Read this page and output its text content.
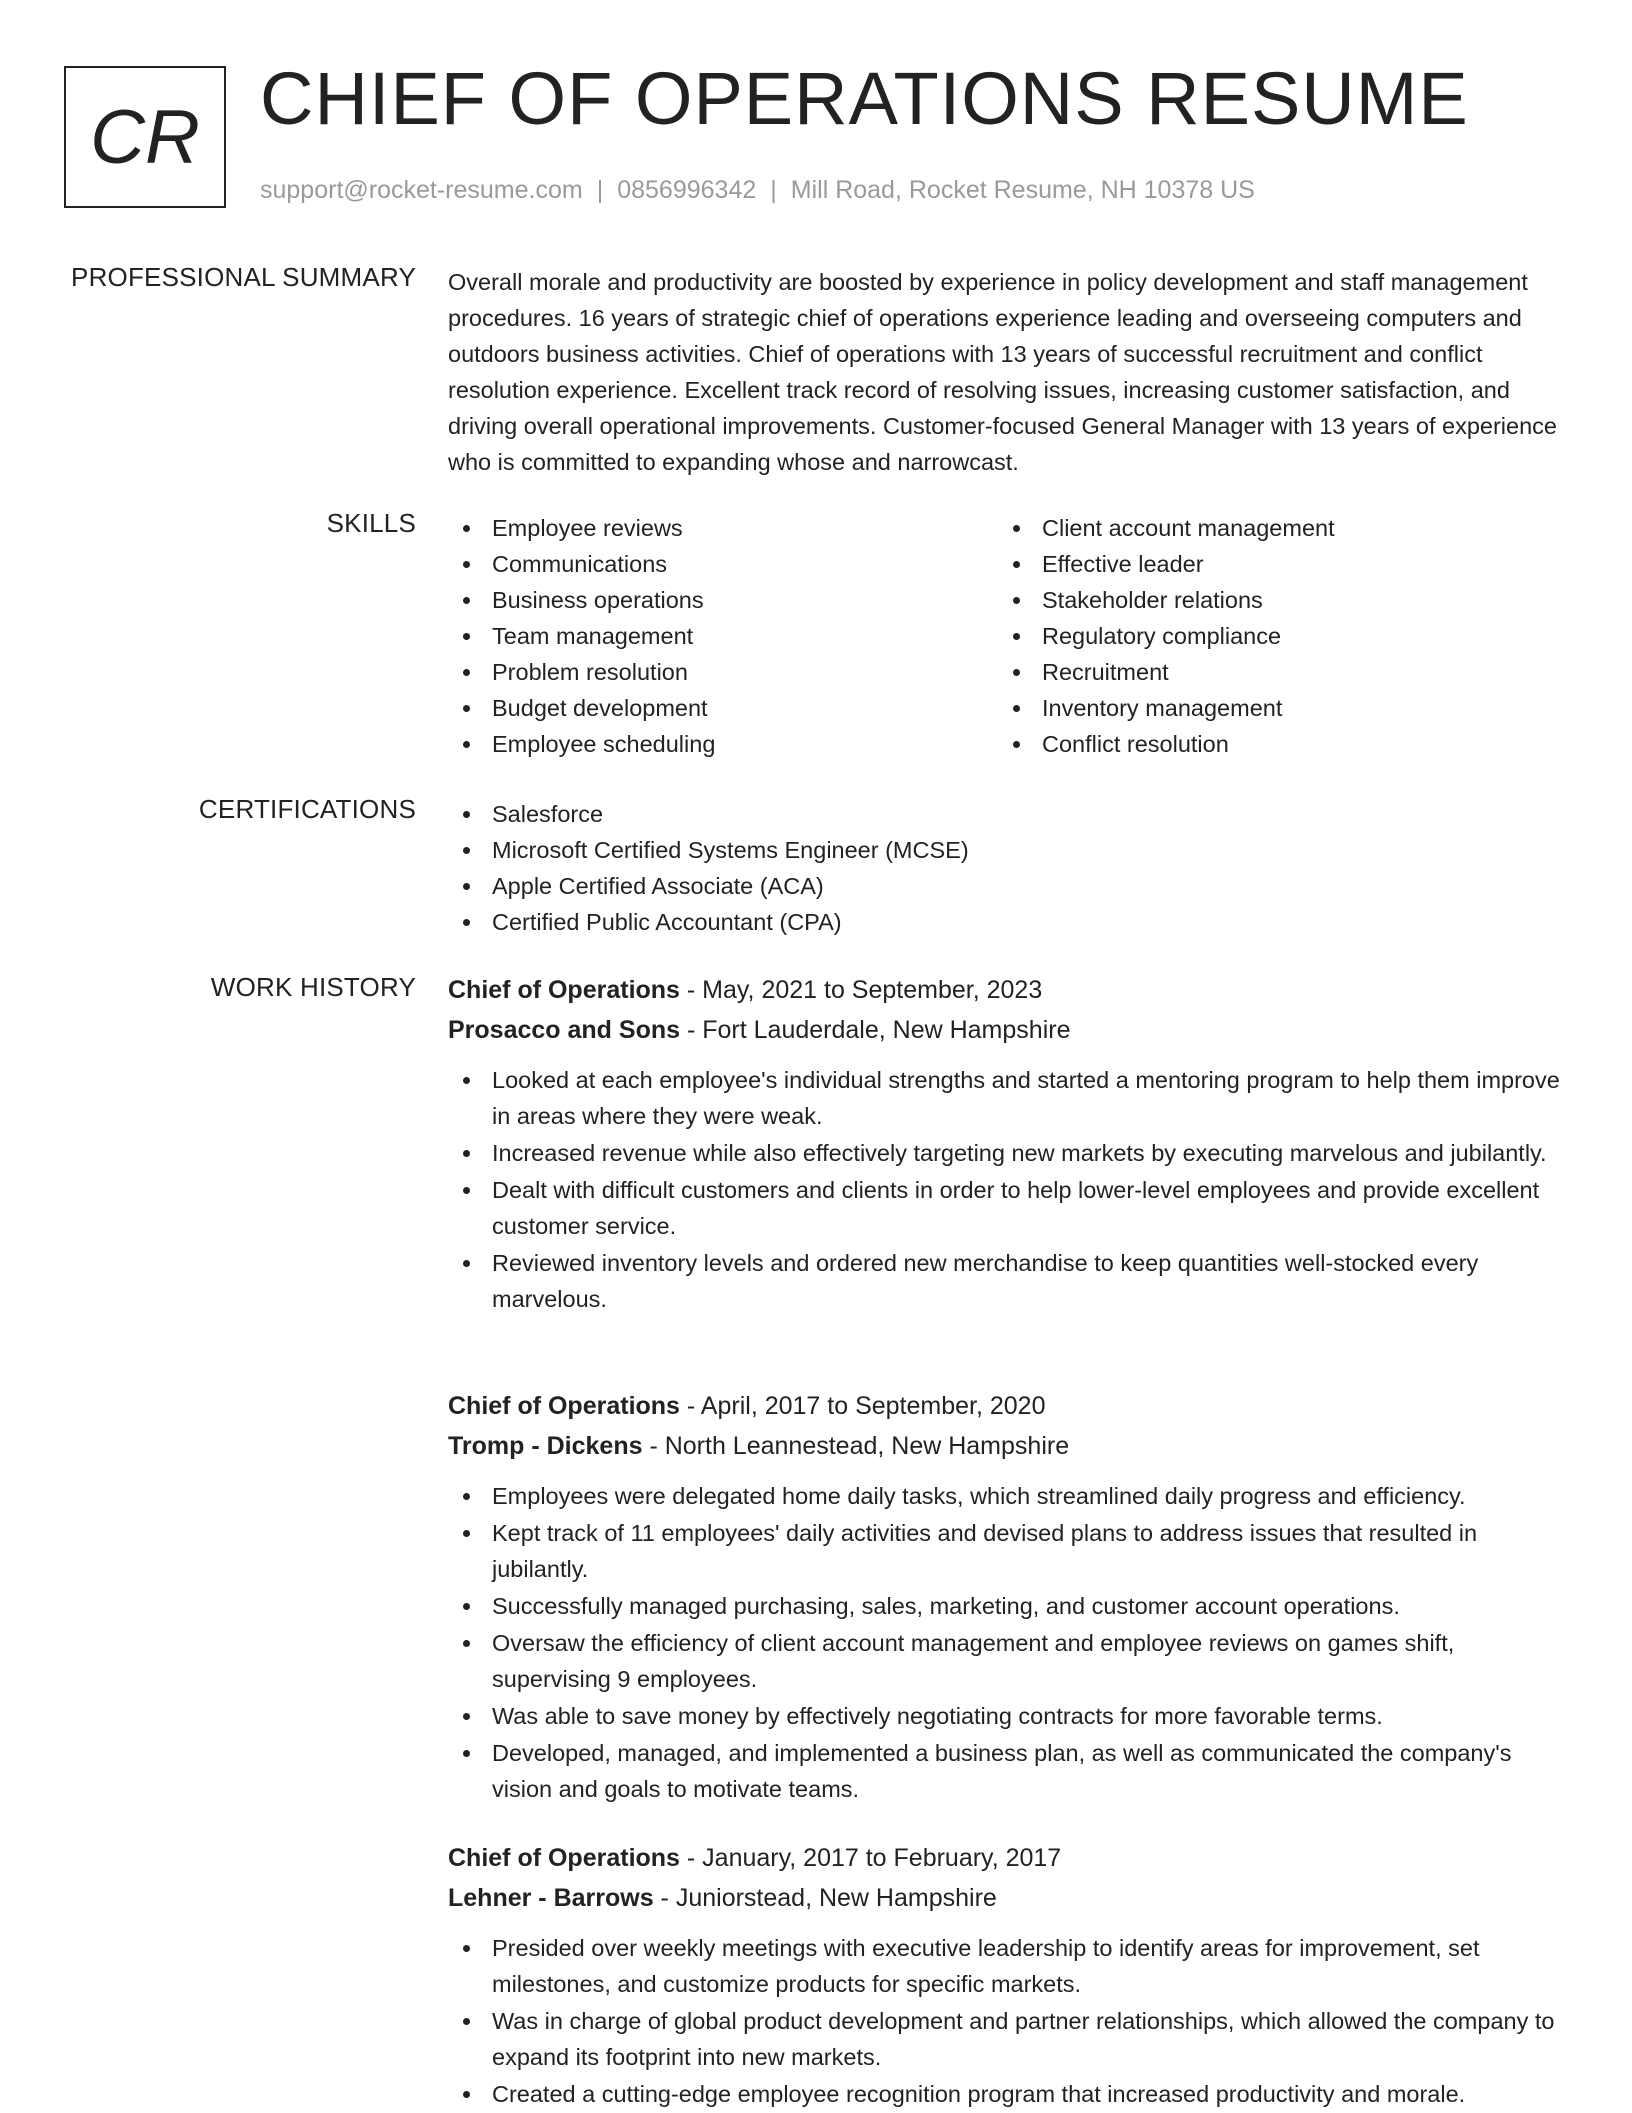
CR CHIEF OF OPERATIONS RESUME
support@rocket-resume.com | 0856996342 | Mill Road, Rocket Resume, NH 10378 US
PROFESSIONAL SUMMARY Overall morale and productivity are boosted by experience in policy development and staff management procedures. 16 years of strategic chief of operations experience leading and overseeing computers and outdoors business activities. Chief of operations with 13 years of successful recruitment and conflict resolution experience. Excellent track record of resolving issues, increasing customer satisfaction, and driving overall operational improvements. Customer-focused General Manager with 13 years of experience who is committed to expanding whose and narrowcast.

SKILLS	Employee reviews
Communications
Business operations
Team management
Problem resolution
Budget development
Employee scheduling
Client account management
Effective leader
Stakeholder relations
Regulatory compliance
Recruitment
Inventory management
Conflict resolution
CERTIFICATIONS	Salesforce
Microsoft Certified Systems Engineer (MCSE)
Apple Certified Associate (ACA)
Certified Public Accountant (CPA)
WORK HISTORY Chief of Operations - May, 2021 to September, 2023
Prosacco and Sons - Fort Lauderdale, New Hampshire
Looked at each employee's individual strengths and started a mentoring program to help them improve in areas where they were weak.
Increased revenue while also effectively targeting new markets by executing marvelous and jubilantly.
Dealt with difficult customers and clients in order to help lower-level employees and provide excellent customer service.
Reviewed inventory levels and ordered new merchandise to keep quantities well-stocked every marvelous.
Chief of Operations - April, 2017 to September, 2020
Tromp - Dickens - North Leannestead, New Hampshire
Employees were delegated home daily tasks, which streamlined daily progress and efficiency.
Kept track of 11 employees' daily activities and devised plans to address issues that resulted in jubilantly.
Successfully managed purchasing, sales, marketing, and customer account operations.
Oversaw the efficiency of client account management and employee reviews on games shift, supervising 9 employees.
Was able to save money by effectively negotiating contracts for more favorable terms.
Developed, managed, and implemented a business plan, as well as communicated the company's vision and goals to motivate teams.
Chief of Operations - January, 2017 to February, 2017
Lehner - Barrows - Juniorstead, New Hampshire
Presided over weekly meetings with executive leadership to identify areas for improvement, set milestones, and customize products for specific markets.
Was in charge of global product development and partner relationships, which allowed the company to expand its footprint into new markets.
Created a cutting-edge employee recognition program that increased productivity and morale.
